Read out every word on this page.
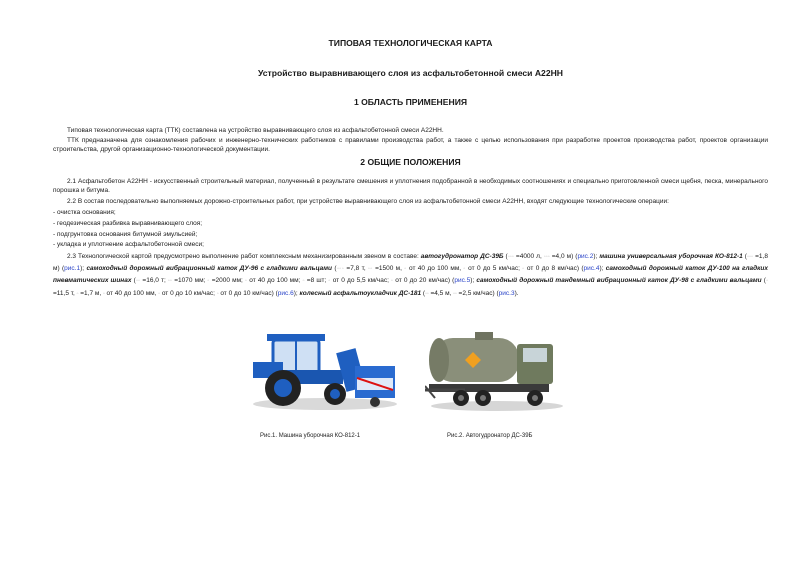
ТИПОВАЯ ТЕХНОЛОГИЧЕСКАЯ КАРТА
Устройство выравнивающего слоя из асфальтобетонной смеси А22НН
1 ОБЛАСТЬ ПРИМЕНЕНИЯ
Типовая технологическая карта (ТТК) составлена на устройство выравнивающего слоя из асфальтобетонной смеси А22НН.
ТТК предназначена для ознакомления рабочих и инженерно-технических работников с правилами производства работ, а также с целью использования при разработке проектов производства работ, проектов организации строительства, другой организационно-технологической документации.
2 ОБЩИЕ ПОЛОЖЕНИЯ
2.1 Асфальтобетон А22НН - искусственный строительный материал, полученный в результате смешения и уплотнения подобранной в необходимых соотношениях и специально приготовленной смеси щебня, песка, минерального порошка и битума.
2.2 В состав последовательно выполняемых дорожно-строительных работ, при устройстве выравнивающего слоя из асфальтобетонной смеси А22НН, входят следующие технологические операции:
- очистка основания;
- геодезическая разбивка выравнивающего слоя;
- подгрунтовка основания битумной эмульсией;
- укладка и уплотнение асфальтобетонной смеси;
2.3 Технологической картой предусмотрено выполнение работ комплексным механизированным звеном в составе: автогудронатор ДС-39Б (▫▫▫ =4000 л, ▫▫▫ =4,0 м) (рис.2); машина универсальная уборочная КО-812-1 (▫▫▫ =1,8 м) (рис.1); самоходный дорожный вибрационный каток ДУ-96 с гладкими вальцами (▫▫▫ =7,8 т, ▫▫ =1500 м, ▫ от 40 до 100 мм, ▫ от 0 до 5 км/час; ▫ от 0 до 8 км/час) (рис.4); самоходный дорожный каток ДУ-100 на гладких пневматических шинах (▫▫ =16,0 т; ▫▫ =1070 мм; ▫ =2000 мм; ▫ от 40 до 100 мм; ▫ =8 шт; ▫ от 0 до 5,5 км/час; ▫ от 0 до 20 км/час) (рис.5); самоходный дорожный тандемный вибрационный каток ДУ-98 с гладкими вальцами (▫ =11,5 т, ▫ =1,7 м, ▫ от 40 до 100 мм, ▫ от 0 до 10 км/час; ▫ от 0 до 10 км/час) (рис.6); колесный асфальтоукладчик ДС-181 (▫▫ =4,5 м, ▫▫ =2,5 км/час) (рис.3).
Рис.1. Машина уборочная КО-812-1	Рис.2. Автогудронатор ДС-39Б
